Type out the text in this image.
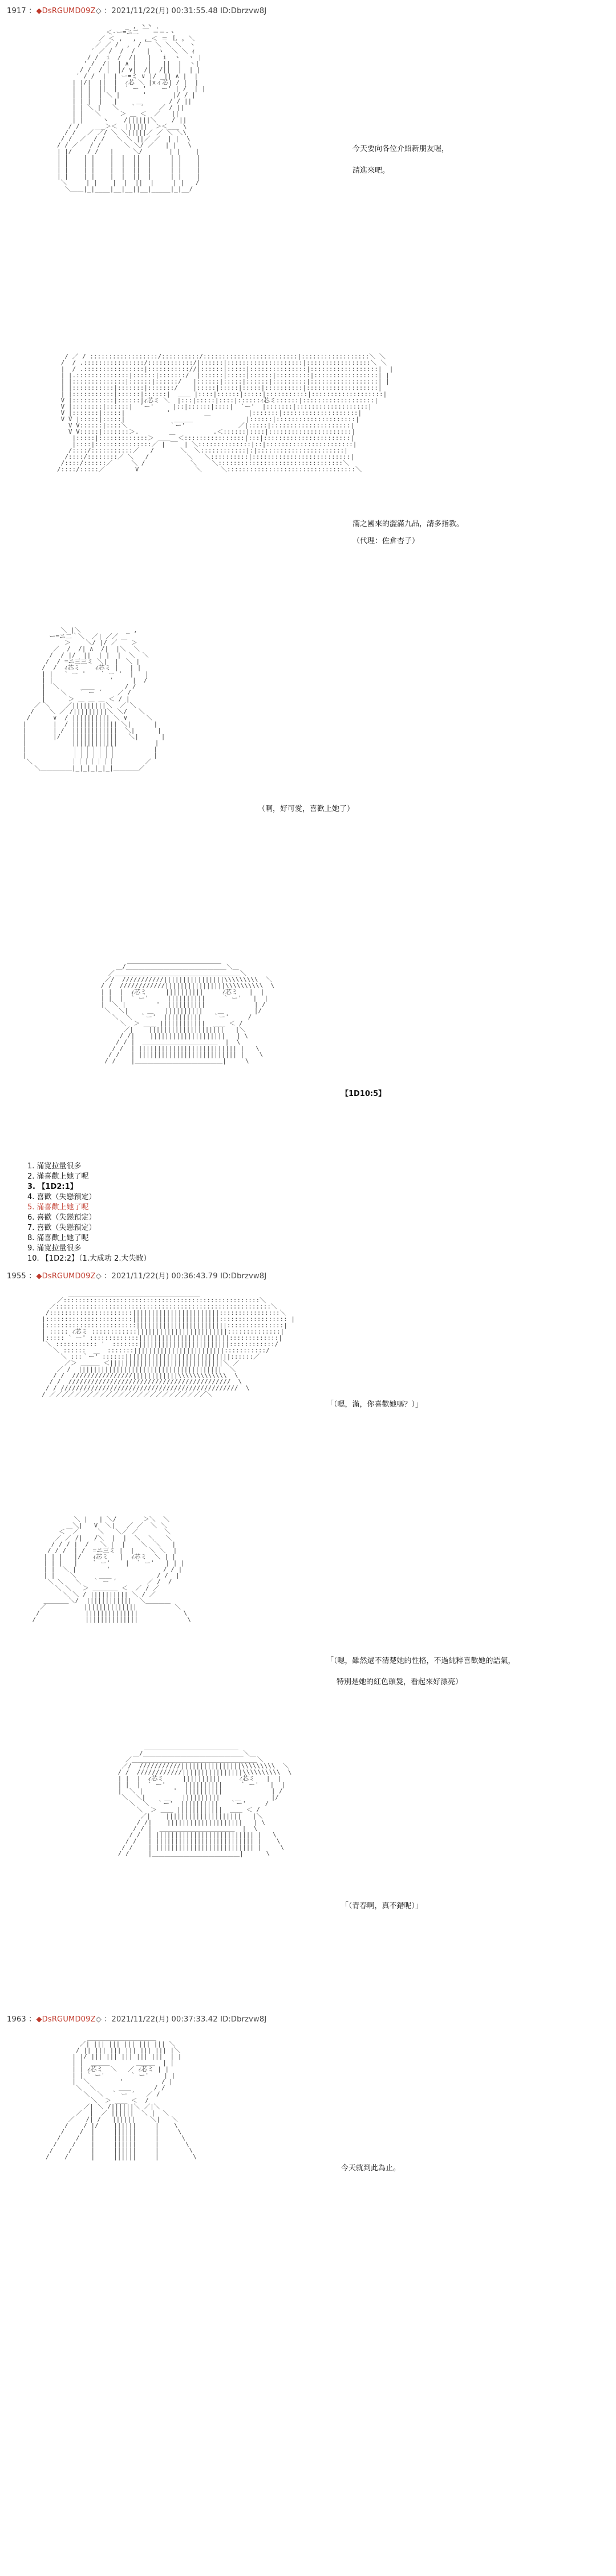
1917 ：◆DsRGUMD09Z◇ ：2021/11/22(月) 00:31:55.48 ID:Dbrzvw8J
_ , 丶丶 ､
＜‐ー=ニ二 ￣ ＝＝-ヽ
／ ＜ ,　 ,  , ＜ ＝ Ｌ ｡ ＼
／ ／ /  ,  / ￣ ＼ ＼ ＼  ヽ
′ ／ /  /  /   |  ヽ  ＼ ＼ ｨ
/ /  i  /  /|   |   i  ヽ  ヽ |
' /  /|  | ∧ |   |   ||  |  ヽ|
/ /  / |  |/ ∨|  /|  /||  |  | |
′ / /  |  | ー=ミ ∨ |/ _|| ∧ |  |
| |/|  ||  |  ｨ芯 ＼ |xィ芯| / |  |
| | |  ||  |  ` ー '    ー' | /  | |
| | |  | ＼ |      '       |/ / |
| | |  |   |     ＿       / / ||
| | ＼ |   ＼   ｀ ´    ／ / ||
| |   ＼     ＞ ＿ ＜  ／   ||
| |     ヽ    /||||||＼    / ||
/ /    ＿_＞＜  ||||||  ＞＜___ \
/ /   ／ ／/ ＼ ＼|||||／ ／ ＼ ＼\
/ /  ／  / /   ＼ ＼ ||／ ／  | |  \
/ / ／   / /      ＼ ＼/ ／   | |   \
| |/    / /   |     ＼/       | |    |
| |    | |    |  |  ||  |     | |    |
| |    | |    |  |  ||  |     | |    |
| |    | |    |  |  ||  |     | |    |
| |    | |    |  |  ||  |     | |    |
＼     | |    |  |  ||  |     | |   /
＼＿＿|_|____|__|__||__|_____|_|__/

今天要向各位介紹新朋友喔，
請進來吧。
/ ／ / ::::::::::::::::::/::::::::::/:::::::::::::::::::::::::|::::::::::::::::::＼ ＼
/  / .::::::::::::::::/::::::::::::/|::::::|::::::::::::::::::::|:::::::::::::::::＼ ＼
|  / .::::::::::::::::|::::::::::://|::::::|:::::|:::::::::::::::|::::::::::::::::::|  |
| |.::::::::::::::|::::::|:::::::/  |::::::|:::::|::::::|:::::::::|:::::::::::::::::| |
| |::::::::::::::|::::::|::::::/   |::::::|:::::|::::::|:::::::::|::::::::::::::::::| |
| |:::::::::::|:::::::|:::::::/    |:::::|:::::|:::::|::::::::::|:::::::::::::::::::|
| |:::::::::::|::::::|::::::|  ＿＿ |::::|::::::|:::::|:::::::::::|:::::::::::::::::::|
V |:::::::::::|::::::|ｨ芯ミ ＼  |:::|:::::|::::|::::::ｨ芯ミ::::::|:::::::::::::::::::|
V |::::::::|::::::|  `ー'     |::|::::::|::::|  `ー'  |:::::::|:::::::::::::::::::|
V |:::::::|:::::|           '         ＿          |:::::::|::::::::::::::::::::|
V V |:::::|:::::|             ＿＿＿              |::::::|:::::::::::::::::::::|
V V::::::|::::＼           ｀ー'              ／|:::::|:::::::::::::::::::::|
V V:::::|:::::::＞.        ＿          .＜::::::|::::|::::::::::::::::::::::|
|:::::|:::::::::::::＞ ＿＿__＜::::::::::::::::|:::|:::::::::::::::::::::::|
|::::|:::::::::::::::／ |     | ＼::::::::::::::|::|:::::::::::::::::::::::|
/::::/:::::::::::／   /       ＼  ＼::::::::::::|:|:::::::::::::::::::::::|
/::::/::::::::／ ＼   /          ＼   ＼::::::::::|::::::::::::::::::::::::::|
/::::/::::::／     ＼ /            ＼    ＼:::::::::::::::::::::::::::::::::＼
/::::/:::::／        V               ＼     ＼::::::::::::::::::::::::::::::::::＼

滿之國來的澀滿九品，請多指教。
（代理：佐倉杏子）
＼ |＼            _ ,
ー=ニ二｀＼  ／| ／／
＞    ＼/ |/ ／ ￣ ＞
／  /  /| ∧  /|  |＼  ＼
/  / |/  ||  | |  |  ＼  ＼
/  / =ニ三三ミ ＼|  |  ＼ |
/  /  ｨ芯ミ    ｨ芯ミ |   | |
| |   ` ー '    ` ー '  |   |
| |               '     |  /
|  ＼      ＿＿        / /
|    ＼   ｀ ー ´    ／ /
|      ＞ ＿ ＿ ＿ ＜ / |
／ ＼    ／|||||||||＼  ／ ＼
/    ＼ ／ /|||||||||＼ ＼/   ＼
/      ∨  / |||||||||| ＼ ∨     ＼
|       |  / |||||||||||| ＼|      |
|       | /  ||||||||||||  ＼|      |
|       |/   ||||||||||||   ＼|      |
|            ||||||||||||          |
|            ｜｜｜｜｜｜｜          |
|            ｜｜｜｜｜｜｜          |
＼          ｜｜｜｜｜｜｜        ／
＼＿＿＿＿＿|_|_|_|_|_|＿＿＿＿／

（啊，好可愛，喜歡上她了）
＿＿＿＿＿＿＿＿＿＿＿＿＿＿＿
＿/＿＿＿＿＿＿＿＿＿＿＿＿＿＿＿＿＼＿
／＿＿＿＿＿＿＿＿＿＿＿＿＿＿＿＿＿＿＿＿＼
／/  ///////////||||||||||||||||\\\\\\\\\  ＼
/ /  ////////////||||||||||||||||\\\\\\\\\\  \
| |  |  ｨ芯ミ     ||||||||||     ｨ芯ミ   |  |
| |  |  ` ー'     ||||||||||     ` ー'   |  |
|  ＼ |        '  ||||||||||             | /
＼  ＼|     ＿   ||||||||||    ＿        |/
＼  ＼  ｀ー'  ||||||||||   ｀ー'     /
＼  ＞ ＿＿ ||||||||||||  ＿＿ ＜ /
／|    ||||||||||||||||||||   |＼
/ /|    ||||||||||||||||||||   | \
/ / |  ＿＿＿＿＿＿＿＿＿＿＿＿  |  \
/ /  | |||||||||||||||||||||||||| |   \
/ /   | |||||||||||||||||||||||||| |    \
/ /    |＿＿＿＿＿＿＿＿＿＿＿＿＿＿|     \

【1D10:5】
1. 滿寛拉量很多
2. 滿喜歡上她了呢
3. 【1D2:1】
4. 喜歡（失戀預定）
5. 滿喜歡上她了呢
6. 喜歡（失戀預定）
7. 喜歡（失戀預定）
8. 滿喜歡上她了呢
9. 滿寛拉量很多
10. 【1D2:2】（1.大成功 2.大失敗）
1955 ：◆DsRGUMD09Z◇ ：2021/11/22(月) 00:36:43.79 ID:Dbrzvw8J
＿＿＿＿＿＿＿＿＿＿＿＿＿＿＿＿＿＿＿＿＿
／::::::::::::::::::::::::::::::::::::::::::::::::::::＼
／:::::::::::::::::::::::::::::::::::::::::::::::::::::::::＼
/::::::::::::::::::::::|||||||||||||||||||||||::::::::::::::::＼
|:::::::::::::::::::::::|||||||||||||||||||||||:::::::::::::::::: |
|::::::::::::::::::::::::||||||||||||||||||||||||:::::::::::::::|
| ::::: ｨ芯ミ ::::::::::::||||||||||||||||||||||||::::::::::::::|
|::::: ` ー' :::::::::::::||||||||||||||||||||||||:::::::::::::|
＼ ::::::::::: '  :::::::||||||||||||||||||||||||::::::::::::/
＼ ::::::  ＿  :::::::||||||||||||||||||||||||:::::::::::/
＼ :::｀ー' ::::::||||||||||||||||||||||||||||::::::／
／＞ ＿＿＿ ＜||||||||||||||||||||||||||||||＼ ／
／ /  ||||||||||||||||||||||||||||||||||||||  ＼
/ /  ////////////////||||||||||||\\\\\\\\\\\\\  \
/ /  ///////////////////////////////////////////  \
/ / ///////////////////////////////////////////////  \
/ ／／／／／／／／／／／／／／／／／／／／／／／／／＼

「（嗯，滿，你喜歡她嗎？）」
＼ |   | ＼/       ＞＼  ＼
＿＼|   V  ＼|   ／ ／  ＼ ＼
＜  ／     ＼   ＼／ ／       ＼
／ ／ /|   /＼  |  |  ＼  ＼   ＼
/ / / |  /   ＼ |  |    ＼  ＼   |
/ / /  | /  =ニ三ミ |  |    ＼ ＼  |
| | |   |/   ｨ芯ミ   |  ｨ芯ミ  ＼ | |
| | |   |    ` ー'    |  ` ー'   | | |
| |  ＼ |        '              / / |
| |    ＼      ＿＿            / /  |
＼ ＼   ＼   ｀ ー ´        ／ /  /
＼ ＼   ＞ ＿＿＿＿ ＜  ／ / ／
＼ ＼ / |||||||||| ＼ / ／
＿＿＿＿＼/  ||||||||||||  ＼＿＿＿＿
／          ||||||||||||||          ＼
/            ||||||||||||||            \
/             ||||||||||||||             \

「（嗯，雖然還不清楚她的性格，不過純粹喜歡她的語氣，
特別是她的紅色頭髮，看起來好漂亮）
＿＿＿＿＿＿＿＿＿＿＿＿＿＿＿
＿/＿＿＿＿＿＿＿＿＿＿＿＿＿＿＿＿＼＿
／＿＿＿＿＿＿＿＿＿＿＿＿＿＿＿＿＿＿＿＿＼
／/  ///////////||||||||||||||||\\\\\\\\\  ＼
/ /  ////////////||||||||||||||||\\\\\\\\\\  \
| |  |  ｨ芯ミ     ||||||||||     ｨ芯ミ   |  |
| |  |  ` ー'     ||||||||||     ` ー'   |  |
|  ＼ |        '  ||||||||||             | /
＼  ＼|     ＿   ||||||||||    ＿        |/
＼  ＼  ｀ー'  ||||||||||   ｀ー'     /
＼  ＞ ＿＿ ||||||||||||  ＿＿ ＜ /
／|    ||||||||||||||||||||   |＼
/ /|    ||||||||||||||||||||   | \
/ / |  ＿＿＿＿＿＿＿＿＿＿＿＿  |  \
/ /  | |||||||||||||||||||||||||| |   \
/ /   | |||||||||||||||||||||||||| |    \
/ /    | |||||||||||||||||||||||||| |     \
/ /     |＿＿＿＿＿＿＿＿＿＿＿＿＿＿|      \

「（青春啊，真不錯呢）」
1963 ：◆DsRGUMD09Z◇ ：2021/11/22(月) 00:37:33.42 ID:Dbrzvw8J
＿＿＿＿＿＿＿＿＿＿＿
／| ||| ||| ||| ||| ||| ＼
/ || ||| ||| ||| ||| ||| |＼
| |/ ||| ||| ||| ||| |||  | |
| |  ＿＿＿       ＿＿＿  | |
| | ｨ芯ミ  ＼   ／ ｨ芯ミ | |
| | ` ー'       ` ー'    | |
|  ＼        '          / |
＼  ＼      ＿＿      / /
＼  ＼  ｀ ー ´   ／ /
＼  ＞ ＿＿ ＜  /
／| ＼ /||||||＼ ／|＼
／  |  ／ ||||||  ＼ |  ＼
／   /| /   ||||||    ＼|   ＼
/    / |/    ||||||     |    \
/    /  |     ||||||     |     \
/    /   |     ||||||     |      \
/    /    |     ||||||     |       \
/    /     |     ||||||     |        \
/    /      |     ||||||     |         \

今天就到此為止。
